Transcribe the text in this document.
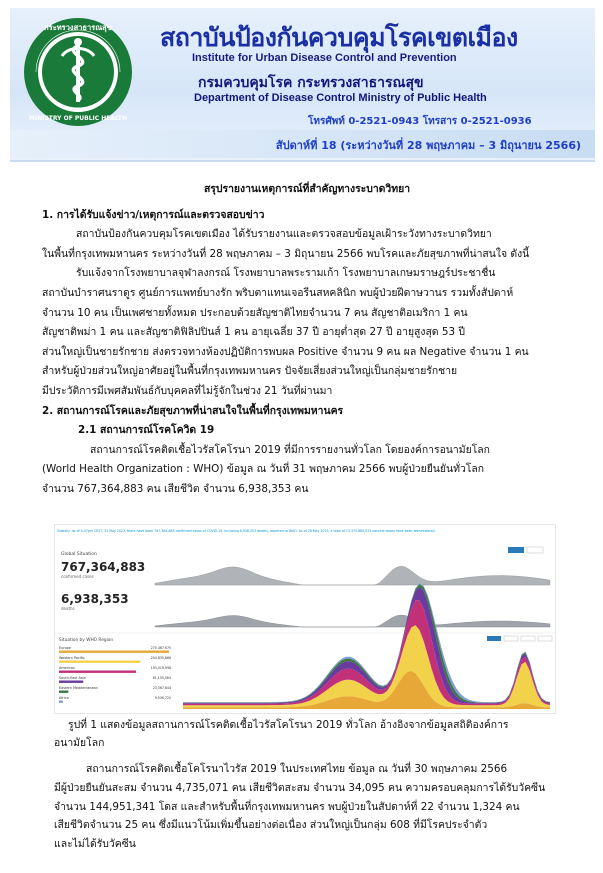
กระทรวงสาธารณสุข
MINISTRY OF PUBLIC HEALTH
สถาบันป้องกันควบคุมโรคเขตเมือง
Institute for Urban Disease Control and Prevention
กรมควบคุมโรค กระทรวงสาธารณสุข
Department of Disease Control Ministry of Public Health
โทรศัพท์ 0-2521-0943 โทรสาร 0-2521-0936
สัปดาห์ที่ 18 (ระหว่างวันที่ 28 พฤษภาคม – 3 มิถุนายน 2566)

สรุปรายงานเหตุการณ์ที่สำคัญทางระบาดวิทยา

1. การได้รับแจ้งข่าว/เหตุการณ์และตรวจสอบข่าว

สถาบันป้องกันควบคุมโรคเขตเมือง ได้รับรายงานและตรวจสอบข้อมูลเฝ้าระวังทางระบาดวิทยา

ในพื้นที่กรุงเทพมหานคร ระหว่างวันที่ 28 พฤษภาคม – 3 มิถุนายน 2566 พบโรคและภัยสุขภาพที่น่าสนใจ ดังนี้

รับแจ้งจากโรงพยาบาลจุฬาลงกรณ์ โรงพยาบาลพระรามเก้า โรงพยาบาลเกษมราษฎร์ประชาชื่น

สถาบันบำราศนราดูร ศูนย์การแพทย์บางรัก พริบตาแทนเจอรีนสหคลินิก พบผู้ป่วยฝีดาษวานร รวมทั้งสัปดาห์

จำนวน 10 คน เป็นเพศชายทั้งหมด ประกอบด้วยสัญชาติไทยจำนวน 7 คน สัญชาติอเมริกา 1 คน

สัญชาติพม่า 1 คน และสัญชาติฟิลิปปินส์ 1 คน อายุเฉลี่ย 37 ปี อายุต่ำสุด 27 ปี อายุสูงสุด 53 ปี

ส่วนใหญ่เป็นชายรักชาย ส่งตรวจทางห้องปฏิบัติการพบผล Positive จำนวน 9 คน ผล Negative จำนวน 1 คน

สำหรับผู้ป่วยส่วนใหญ่อาศัยอยู่ในพื้นที่กรุงเทพมหานคร ปัจจัยเสี่ยงส่วนใหญ่เป็นกลุ่มชายรักชาย

มีประวัติการมีเพศสัมพันธ์กับบุคคลที่ไม่รู้จักในช่วง 21 วันที่ผ่านมา

2. สถานการณ์โรคและภัยสุขภาพที่น่าสนใจในพื้นที่กรุงเทพมหานคร

2.1 สถานการณ์โรคโควิด 19

สถานการณ์โรคติดเชื้อไวรัสโคโรนา 2019 ที่มีการรายงานทั่วโลก โดยองค์การอนามัยโลก

(World Health Organization : WHO) ข้อมูล ณ วันที่ 31 พฤษภาคม 2566 พบผู้ป่วยยืนยันทั่วโลก

จำนวน 767,364,883 คน เสียชีวิต จำนวน 6,938,353 คน

Globally, as of 4:47pm CEST, 31 May 2023, there have been 767,364,883 confirmed cases of COVID-19, including 6,938,353 deaths, reported to WHO. As of 28 May 2023, a total of 13,375,880,523 vaccine doses have been administered.
Global Situation
767,364,883
confirmed cases
6,938,353
deaths
Situation by WHO Region
Europe	275,467,675
Western Pacific	204,835,866
Americas	193,019,998
South-East Asia	61,155,564
Eastern Mediterranean	23,367,844
Africa	9,536,720

รูปที่ 1 แสดงข้อมูลสถานการณ์โรคติดเชื้อไวรัสโคโรนา 2019 ทั่วโลก อ้างอิงจากข้อมูลสถิติองค์การ

อนามัยโลก

สถานการณ์โรคติดเชื้อโคโรนาไวรัส 2019 ในประเทศไทย ข้อมูล ณ วันที่ 30 พฤษภาคม 2566

มีผู้ป่วยยืนยันสะสม จำนวน 4,735,071 คน เสียชีวิตสะสม จำนวน 34,095 คน ความครอบคลุมการได้รับวัคซีน

จำนวน 144,951,341 โดส และสำหรับพื้นที่กรุงเทพมหานคร พบผู้ป่วยในสัปดาห์ที่ 22 จำนวน 1,324 คน

เสียชีวิตจำนวน 25 คน ซึ่งมีแนวโน้มเพิ่มขึ้นอย่างต่อเนื่อง ส่วนใหญ่เป็นกลุ่ม 608 ที่มีโรคประจำตัว

และไม่ได้รับวัคซีน
